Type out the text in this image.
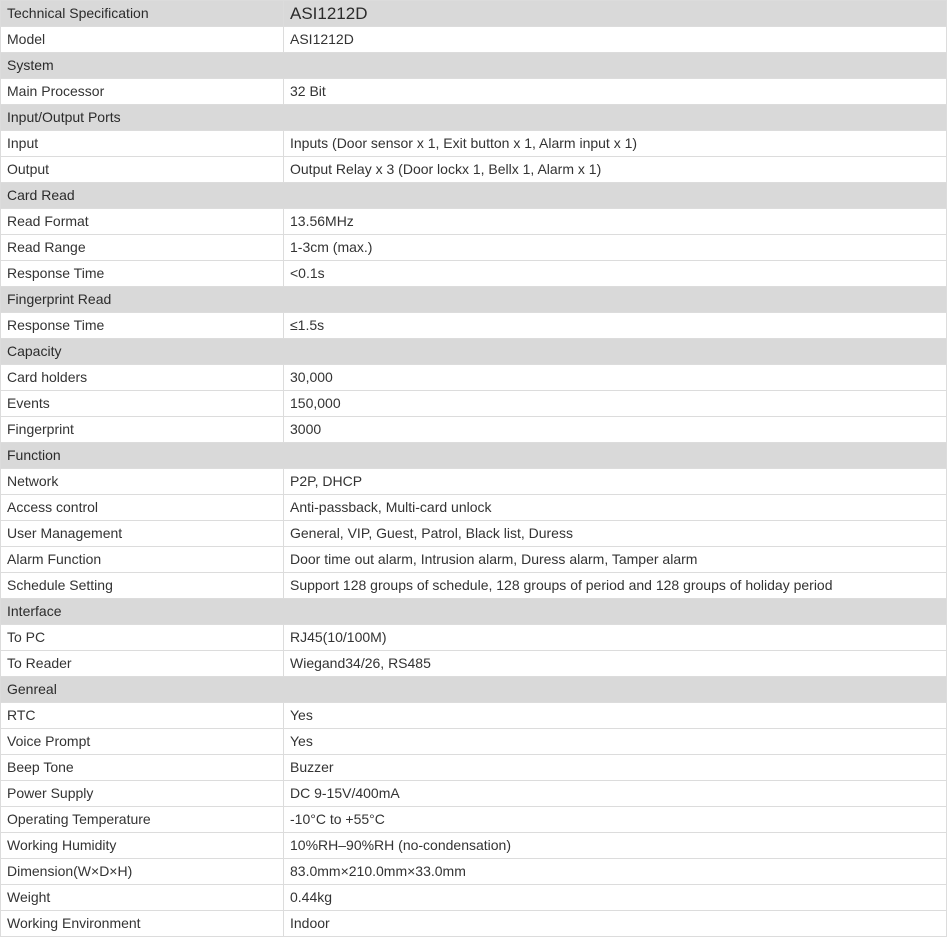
Technical Specification	ASI1212D
Model	ASI1212D
System	
Main Processor	32 Bit
Input/Output Ports	
Input	Inputs (Door sensor x 1, Exit button x 1, Alarm input x 1)
Output	Output Relay x 3 (Door lockx 1, Bellx 1, Alarm x 1)
Card Read	
Read Format	13.56MHz
Read Range	1-3cm (max.)
Response Time	<0.1s
Fingerprint Read	
Response Time	≤1.5s
Capacity	
Card holders	30,000
Events	150,000
Fingerprint	3000
Function	
Network	P2P, DHCP
Access control	Anti-passback, Multi-card unlock
User Management	General, VIP, Guest, Patrol, Black list, Duress
Alarm Function	Door time out alarm, Intrusion alarm, Duress alarm, Tamper alarm
Schedule Setting	Support 128 groups of schedule, 128 groups of period and 128 groups of holiday period
Interface	
To PC	RJ45(10/100M)
To Reader	Wiegand34/26, RS485
Genreal	
RTC	Yes
Voice Prompt	Yes
Beep Tone	Buzzer
Power Supply	DC 9-15V/400mA
Operating Temperature	-10°C to +55°C
Working Humidity	10%RH–90%RH (no-condensation)
Dimension(W×D×H)	83.0mm×210.0mm×33.0mm
Weight	0.44kg
Working Environment	Indoor
